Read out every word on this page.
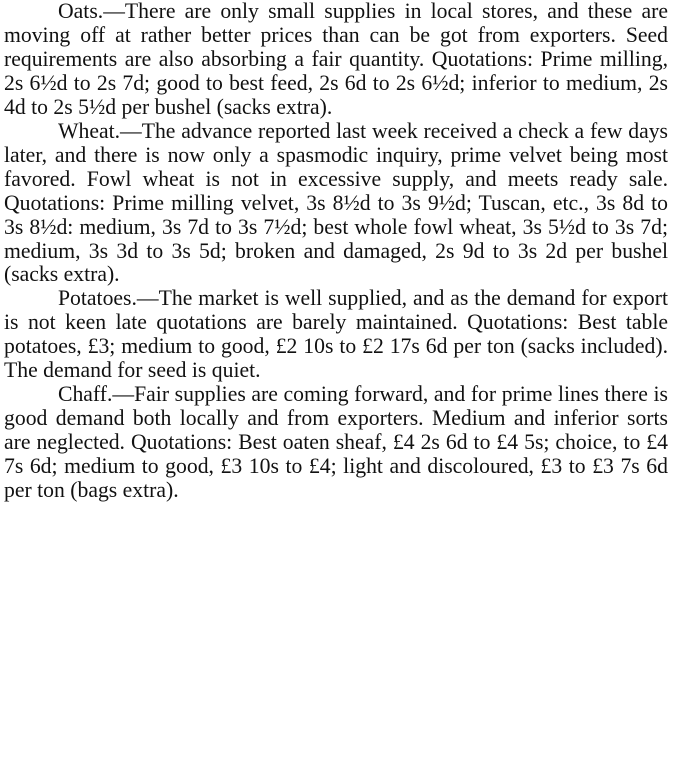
Oats.—There are only small supplies in local stores, and these are moving off at rather better prices than can be got from exporters. Seed requirements are also absorbing a fair quantity. Quotations: Prime milling, 2s 6½d to 2s 7d; good to best feed, 2s 6d to 2s 6½d; inferior to medium, 2s 4d to 2s 5½d per bushel (sacks extra).

Wheat.—The advance reported last week received a check a few days later, and there is now only a spasmodic inquiry, prime velvet being most favored. Fowl wheat is not in excessive supply, and meets ready sale. Quotations: Prime milling velvet, 3s 8½d to 3s 9½d; Tuscan, etc., 3s 8d to 3s 8½d: medium, 3s 7d to 3s 7½d; best whole fowl wheat, 3s 5½d to 3s 7d; medium, 3s 3d to 3s 5d; broken and damaged, 2s 9d to 3s 2d per bushel (sacks extra).

Potatoes.—The market is well supplied, and as the demand for export is not keen late quotations are barely maintained. Quotations: Best table potatoes, £3; medium to good, £2 10s to £2 17s 6d per ton (sacks included). The demand for seed is quiet.

Chaff.—Fair supplies are coming forward, and for prime lines there is good demand both locally and from exporters. Medium and inferior sorts are neglected. Quotations: Best oaten sheaf, £4 2s 6d to £4 5s; choice, to £4 7s 6d; medium to good, £3 10s to £4; light and discoloured, £3 to £3 7s 6d per ton (bags extra).
